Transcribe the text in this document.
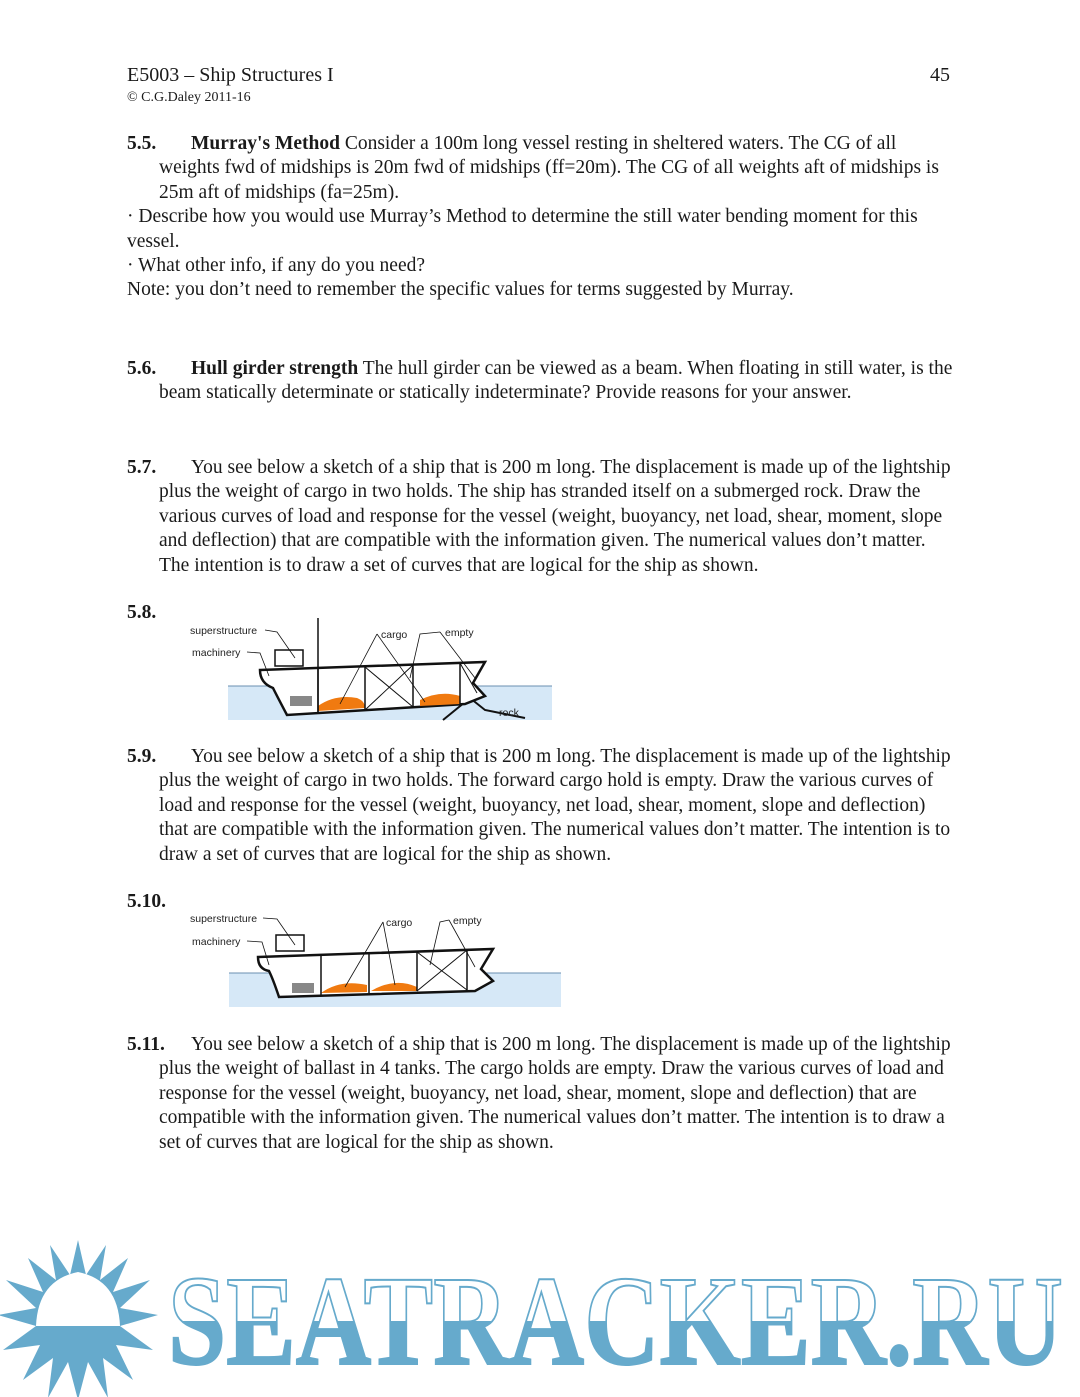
E5003 – Ship Structures I	45
© C.G.Daley 2011-16
5.5. Murray's Method Consider a 100m long vessel resting in sheltered waters. The CG of all weights fwd of midships is 20m fwd of midships (ff=20m). The CG of all weights aft of midships is 25m aft of midships (fa=25m).
· Describe how you would use Murray’s Method to determine the still water bending moment for this vessel.
· What other info, if any do you need?
Note: you don’t need to remember the specific values for terms suggested by Murray.
5.6. Hull girder strength The hull girder can be viewed as a beam. When floating in still water, is the beam statically determinate or statically indeterminate? Provide reasons for your answer.
5.7. You see below a sketch of a ship that is 200 m long. The displacement is made up of the lightship plus the weight of cargo in two holds. The ship has stranded itself on a submerged rock. Draw the various curves of load and response for the vessel (weight, buoyancy, net load, shear, moment, slope and deflection) that are compatible with the information given. The numerical values don’t matter. The intention is to draw a set of curves that are logical for the ship as shown.
5.8.
superstructure
machinery
cargo	empty
rock
5.9. You see below a sketch of a ship that is 200 m long. The displacement is made up of the lightship plus the weight of cargo in two holds. The forward cargo hold is empty. Draw the various curves of load and response for the vessel (weight, buoyancy, net load, shear, moment, slope and deflection) that are compatible with the information given. The numerical values don’t matter. The intention is to draw a set of curves that are logical for the ship as shown.
5.10.
superstructure
machinery
cargo	empty
5.11. You see below a sketch of a ship that is 200 m long. The displacement is made up of the lightship plus the weight of ballast in 4 tanks. The cargo holds are empty. Draw the various curves of load and response for the vessel (weight, buoyancy, net load, shear, moment, slope and deflection) that are compatible with the information given. The numerical values don’t matter. The intention is to draw a set of curves that are logical for the ship as shown.
SEATRACKER.RU
